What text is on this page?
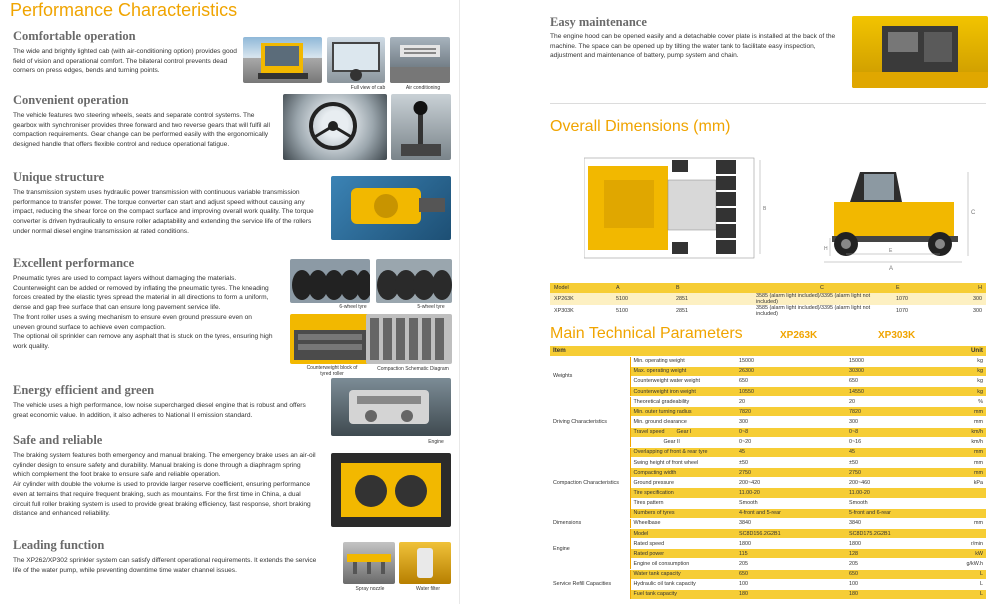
Performance Characteristics
Comfortable operation

The wide and brightly lighted cab (with air-conditioning option) provides good field of vision and operational comfort. The bilateral control prevents dead corners on press edges, bends and turning points.

Full view of cab	Air conditioning
Convenient operation

The vehicle features two steering wheels, seats and separate control systems. The gearbox with synchroniser provides three forward and two reverse gears that will fulfil all compaction requirements. Gear change can be performed easily with the ergonomically designed handle that offers flexible control and reduce operational fatigue.

Unique structure

The transmission system uses hydraulic power transmission with continuous variable transmission performance to transfer power. The torque converter can start and adjust speed without causing any impact, reducing the shear force on the compact surface and improving overall work quality. The torque converter is driven hydraulically to ensure roller adaptability and extending the service life of the rollers under normal diesel engine transmission at rated conditions.

Excellent performance

Pneumatic tyres are used to compact layers without damaging the materials. Counterweight can be added or removed by inflating the pneumatic tyres. The kneading forces created by the elastic tyres spread the material in all directions to form a uniform, dense and gap free surface that can ensure long pavement service life.
The front roller uses a swing mechanism to ensure even ground pressure even on uneven ground surface to achieve even compaction.
The optional oil sprinkler can remove any asphalt that is stuck on the tyres, ensuring high work quality.

6-wheel tyre	5-wheel tyre
Counterweight block of tyred roller
Compaction Schematic Diagram
Energy efficient and green

The vehicle uses a high performance, low noise supercharged diesel engine that is robust and offers great economic value. In addition, it also adheres to National II emission standard.

Engine
Safe and reliable

The braking system features both emergency and manual braking. The emergency brake uses an air-oil cylinder design to ensure safety and durability. Manual braking is done through a diaphragm spring which complement the foot brake to ensure safe and reliable operation.
Air cylinder with double the volume is used to provide larger reserve coefficient, ensuring performance even at terrains that require frequent braking, such as mountains. For the first time in China, a dual circuit full roller braking system is used to provide great braking efficiency, fast response, short braking distance and enhanced reliability.

Leading function

The XP262/XP302 sprinkler system can satisfy different operational requirements. It extends the service life of the water pump, while preventing downtime time water channel issues.

Spray nozzle	Water filter
Easy maintenance

The engine hood can be opened easily and a detachable cover plate is installed at the back of the machine. The space can be opened up by tilting the water tank to facilitate easy inspection, adjustment and maintenance of battery, pump system and chain.

Overall Dimensions (mm)
B
C
A
E
H
Model	A	B	C	E	H
XP263K	5100	2851	3585 (alarm light included)/3395 (alarm light not included)	1070	300
XP303K	5100	2851	3585 (alarm light included)/3395 (alarm light not included)	1070	300
Main Technical Parameters	XP263K	XP303K
Item				Unit
Weights	Min. operating weight	15000	15000	kg
	Max. operating weight	26300	30300	kg
	Counterweight water weight	650	650	kg
	Counterweight iron weight	10550	14550	kg
Driving Characteristics	Theoretical gradeability	20	20	%
	Min. outer turning radius	7820	7820	mm
	Min. ground clearance	300	300	mm
	Travel speed        Gear I	0~8	0~8	km/h
	Gear II	0~20	0~16	km/h
Compaction Characteristics	Overlapping of front & rear tyre	45	45	mm
	Swing height of front wheel	±50	±50	mm
	Compacting width	2750	2750	mm
	Ground pressure	200~420	200~460	kPa
	Tire specification	11.00-20	11.00-20	
	Tires pattern	Smooth	Smooth	
	Numbers of tyres	4-front and 5-rear	5-front and 6-rear	
Dimensions	Wheelbase	3840	3840	mm
Engine	Model	SC8D156.2G2B1	SC8D175.2G2B1	
	Rated speed	1800	1800	r/min
	Rated power	115	128	kW
	Engine oil consumption	205	205	g/kW.h
Service Refill Capacities	Water tank capacity	650	650	L
	Hydraulic oil tank capacity	100	100	L
	Fuel tank capacity	180	180	L
